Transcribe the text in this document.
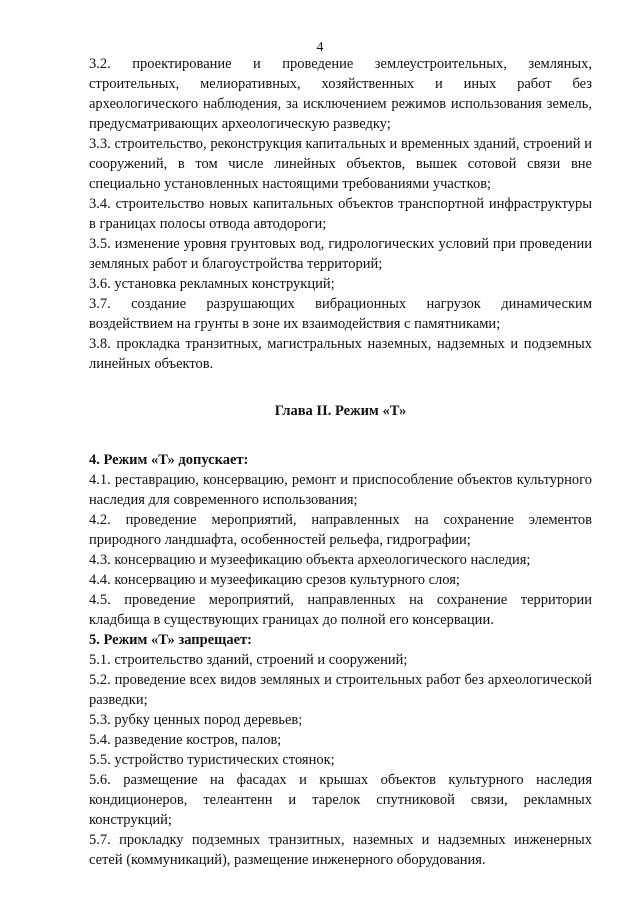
4

3.2. проектирование и проведение землеустроительных, земляных, строительных, мелиоративных, хозяйственных и иных работ без археологического наблюдения, за исключением режимов использования земель, предусматривающих археологическую разведку;

3.3. строительство, реконструкция капитальных и временных зданий, строений и сооружений, в том числе линейных объектов, вышек сотовой связи вне специально установленных настоящими требованиями участков;

3.4. строительство новых капитальных объектов транспортной инфраструктуры в границах полосы отвода автодороги;

3.5. изменение уровня грунтовых вод, гидрологических условий при проведении земляных работ и благоустройства территорий;

3.6. установка рекламных конструкций;

3.7. создание разрушающих вибрационных нагрузок динамическим воздействием на грунты в зоне их взаимодействия с памятниками;

3.8. прокладка транзитных, магистральных наземных, надземных и подземных линейных объектов.

Глава II. Режим «Т»

4. Режим «Т» допускает:

4.1. реставрацию, консервацию, ремонт и приспособление объектов культурного наследия для современного использования;

4.2. проведение мероприятий, направленных на сохранение элементов природного ландшафта, особенностей рельефа, гидрографии;

4.3. консервацию и музеефикацию объекта археологического наследия;

4.4. консервацию и музеефикацию срезов культурного слоя;

4.5. проведение мероприятий, направленных на сохранение территории кладбища в существующих границах до полной его консервации.

5. Режим «Т» запрещает:

5.1. строительство зданий, строений и сооружений;

5.2. проведение всех видов земляных и строительных работ без археологической разведки;

5.3. рубку ценных пород деревьев;

5.4. разведение костров, палов;

5.5. устройство туристических стоянок;

5.6. размещение на фасадах и крышах объектов культурного наследия кондиционеров, телеантенн и тарелок спутниковой связи, рекламных конструкций;

5.7. прокладку подземных транзитных, наземных и надземных инженерных сетей (коммуникаций), размещение инженерного оборудования.
